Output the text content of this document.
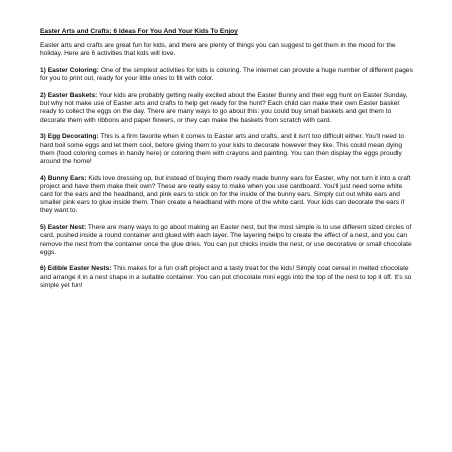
Easter Arts and Crafts: 6 Ideas For You And Your Kids To Enjoy

Easter arts and crafts are great fun for kids, and there are plenty of things you can suggest to get them in the mood for the holiday. Here are 6 activities that kids will love.

1) Easter Coloring: One of the simplest activities for kids is coloring. The internet can provide a huge number of different pages for you to print out, ready for your little ones to fill with color.

2) Easter Baskets: Your kids are probably getting really excited about the Easter Bunny and their egg hunt on Easter Sunday, but why not make use of Easter arts and crafts to help get ready for the hunt? Each child can make their own Easter basket ready to collect the eggs on the day. There are many ways to go about this: you could buy small baskets and get them to decorate them with ribbons and paper flowers, or they can make the baskets from scratch with card.

3) Egg Decorating: This is a firm favorite when it comes to Easter arts and crafts, and it isn't too difficult either. You'll need to hard boil some eggs and let them cool, before giving them to your kids to decorate however they like. This could mean dying them (food coloring comes in handy here) or coloring them with crayons and painting. You can then display the eggs proudly around the home!

4) Bunny Ears: Kids love dressing up, but instead of buying them ready made bunny ears for Easter, why not turn it into a craft project and have them make their own? These are really easy to make when you use cardboard. You'll just need some white card for the ears and the headband, and pink ears to stick on for the inside of the bunny ears. Simply cut out white ears and smaller pink ears to glue inside them. Then create a headband with more of the white card. Your kids can decorate the ears if they want to.

5) Easter Nest: There are many ways to go about making an Easter nest, but the most simple is to use different sized circles of card, pushed inside a round container and glued with each layer. The layering helps to create the effect of a nest, and you can remove the nest from the container once the glue dries. You can put chicks inside the nest, or use decorative or small chocolate eggs.

6) Edible Easter Nests: This makes for a fun craft project and a tasty treat for the kids! Simply coat cereal in melted chocolate and arrange it in a nest shape in a suitable container. You can put chocolate mini eggs into the top of the nest to top it off. It's so simple yet fun!
